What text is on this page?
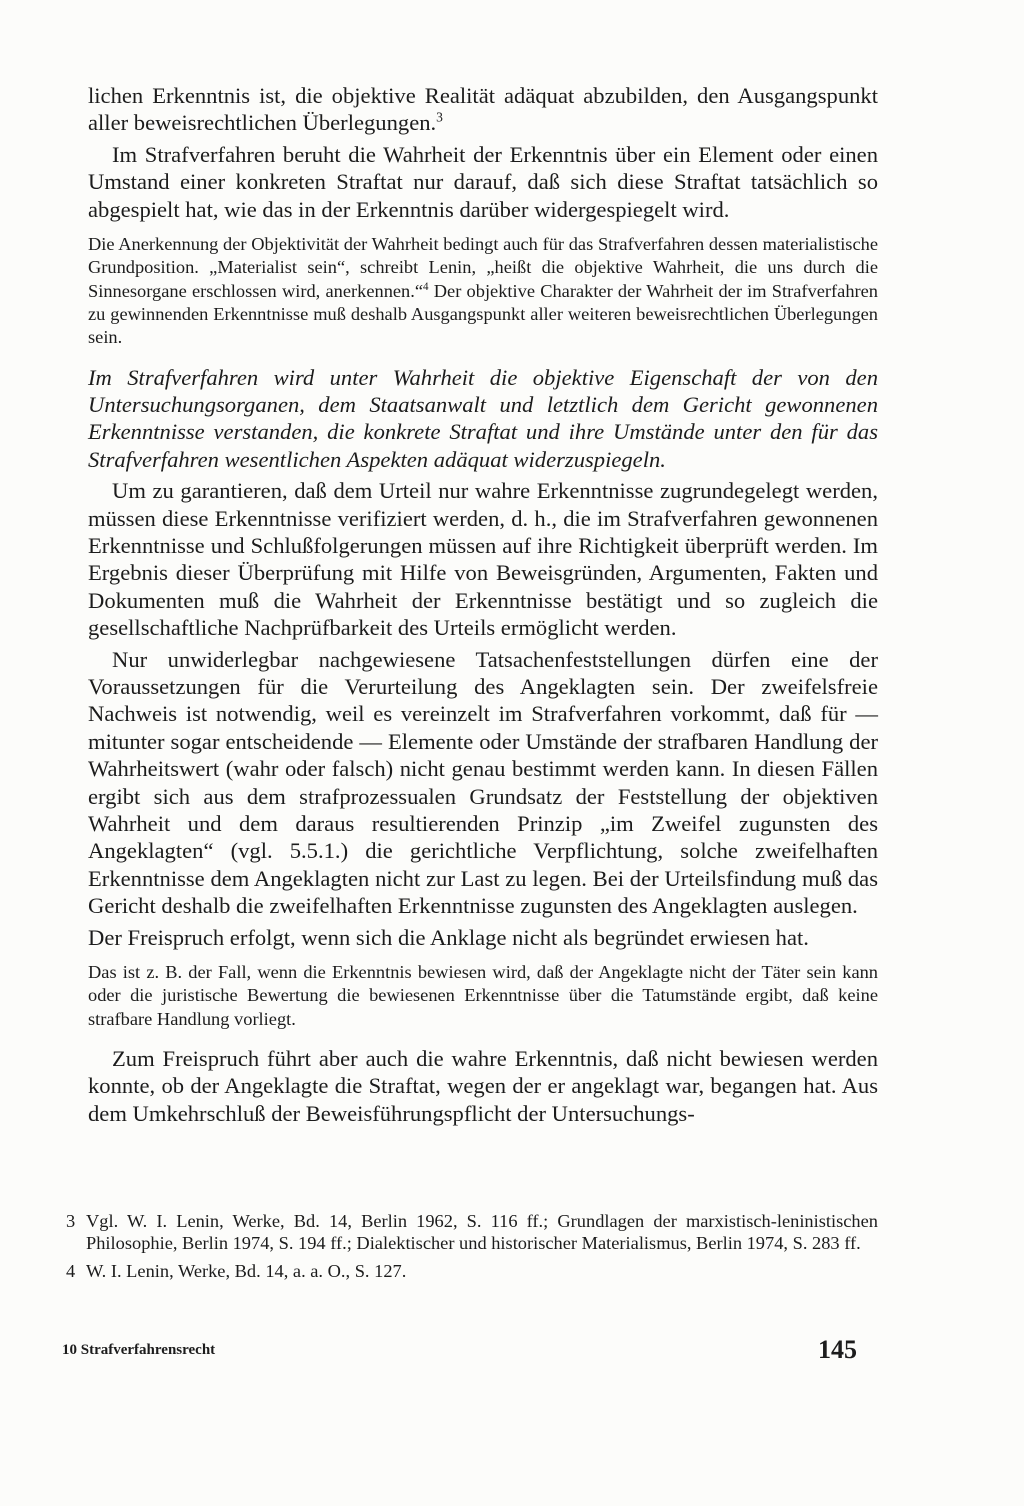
lichen Erkenntnis ist, die objektive Realität adäquat abzubilden, den Ausgangspunkt aller beweisrechtlichen Überlegungen.$^3$

Im Strafverfahren beruht die Wahrheit der Erkenntnis über ein Element oder einen Umstand einer konkreten Straftat nur darauf, daß sich diese Straftat tatsächlich so abgespielt hat, wie das in der Erkenntnis darüber widergespiegelt wird.

Die Anerkennung der Objektivität der Wahrheit bedingt auch für das Strafverfahren dessen materialistische Grundposition. „Materialist sein“, schreibt Lenin, „heißt die objektive Wahrheit, die uns durch die Sinnesorgane erschlossen wird, anerkennen.“$^4$ Der objektive Charakter der Wahrheit der im Strafverfahren zu gewinnenden Erkenntnisse muß deshalb Ausgangspunkt aller weiteren beweisrechtlichen Überlegungen sein.

Im Strafverfahren wird unter Wahrheit die objektive Eigenschaft der von den Untersuchungsorganen, dem Staatsanwalt und letztlich dem Gericht gewonnenen Erkenntnisse verstanden, die konkrete Straftat und ihre Umstände unter den für das Strafverfahren wesentlichen Aspekten adäquat widerzuspiegeln.

Um zu garantieren, daß dem Urteil nur wahre Erkenntnisse zugrundegelegt werden, müssen diese Erkenntnisse verifiziert werden, d. h., die im Strafverfahren gewonnenen Erkenntnisse und Schlußfolgerungen müssen auf ihre Richtigkeit überprüft werden. Im Ergebnis dieser Überprüfung mit Hilfe von Beweisgründen, Argumenten, Fakten und Dokumenten muß die Wahrheit der Erkenntnisse bestätigt und so zugleich die gesellschaftliche Nachprüfbarkeit des Urteils ermöglicht werden.

Nur unwiderlegbar nachgewiesene Tatsachenfeststellungen dürfen eine der Voraussetzungen für die Verurteilung des Angeklagten sein. Der zweifelsfreie Nachweis ist notwendig, weil es vereinzelt im Strafverfahren vorkommt, daß für — mitunter sogar entscheidende — Elemente oder Umstände der strafbaren Handlung der Wahrheitswert (wahr oder falsch) nicht genau bestimmt werden kann. In diesen Fällen ergibt sich aus dem strafprozessualen Grundsatz der Feststellung der objektiven Wahrheit und dem daraus resultierenden Prinzip „im Zweifel zugunsten des Angeklagten“ (vgl. 5.5.1.) die gerichtliche Verpflichtung, solche zweifelhaften Erkenntnisse dem Angeklagten nicht zur Last zu legen. Bei der Urteilsfindung muß das Gericht deshalb die zweifelhaften Erkenntnisse zugunsten des Angeklagten auslegen.

Der Freispruch erfolgt, wenn sich die Anklage nicht als begründet erwiesen hat.

Das ist z. B. der Fall, wenn die Erkenntnis bewiesen wird, daß der Angeklagte nicht der Täter sein kann oder die juristische Bewertung die bewiesenen Erkenntnisse über die Tatumstände ergibt, daß keine strafbare Handlung vorliegt.

Zum Freispruch führt aber auch die wahre Erkenntnis, daß nicht bewiesen werden konnte, ob der Angeklagte die Straftat, wegen der er angeklagt war, begangen hat. Aus dem Umkehrschluß der Beweisführungspflicht der Untersuchungs-

3 Vgl. W. I. Lenin, Werke, Bd. 14, Berlin 1962, S. 116 ff.; Grundlagen der marxistisch-leninistischen Philosophie, Berlin 1974, S. 194 ff.; Dialektischer und historischer Materialismus, Berlin 1974, S. 283 ff.
4 W. I. Lenin, Werke, Bd. 14, a. a. O., S. 127.
10 Strafverfahrensrecht	145
